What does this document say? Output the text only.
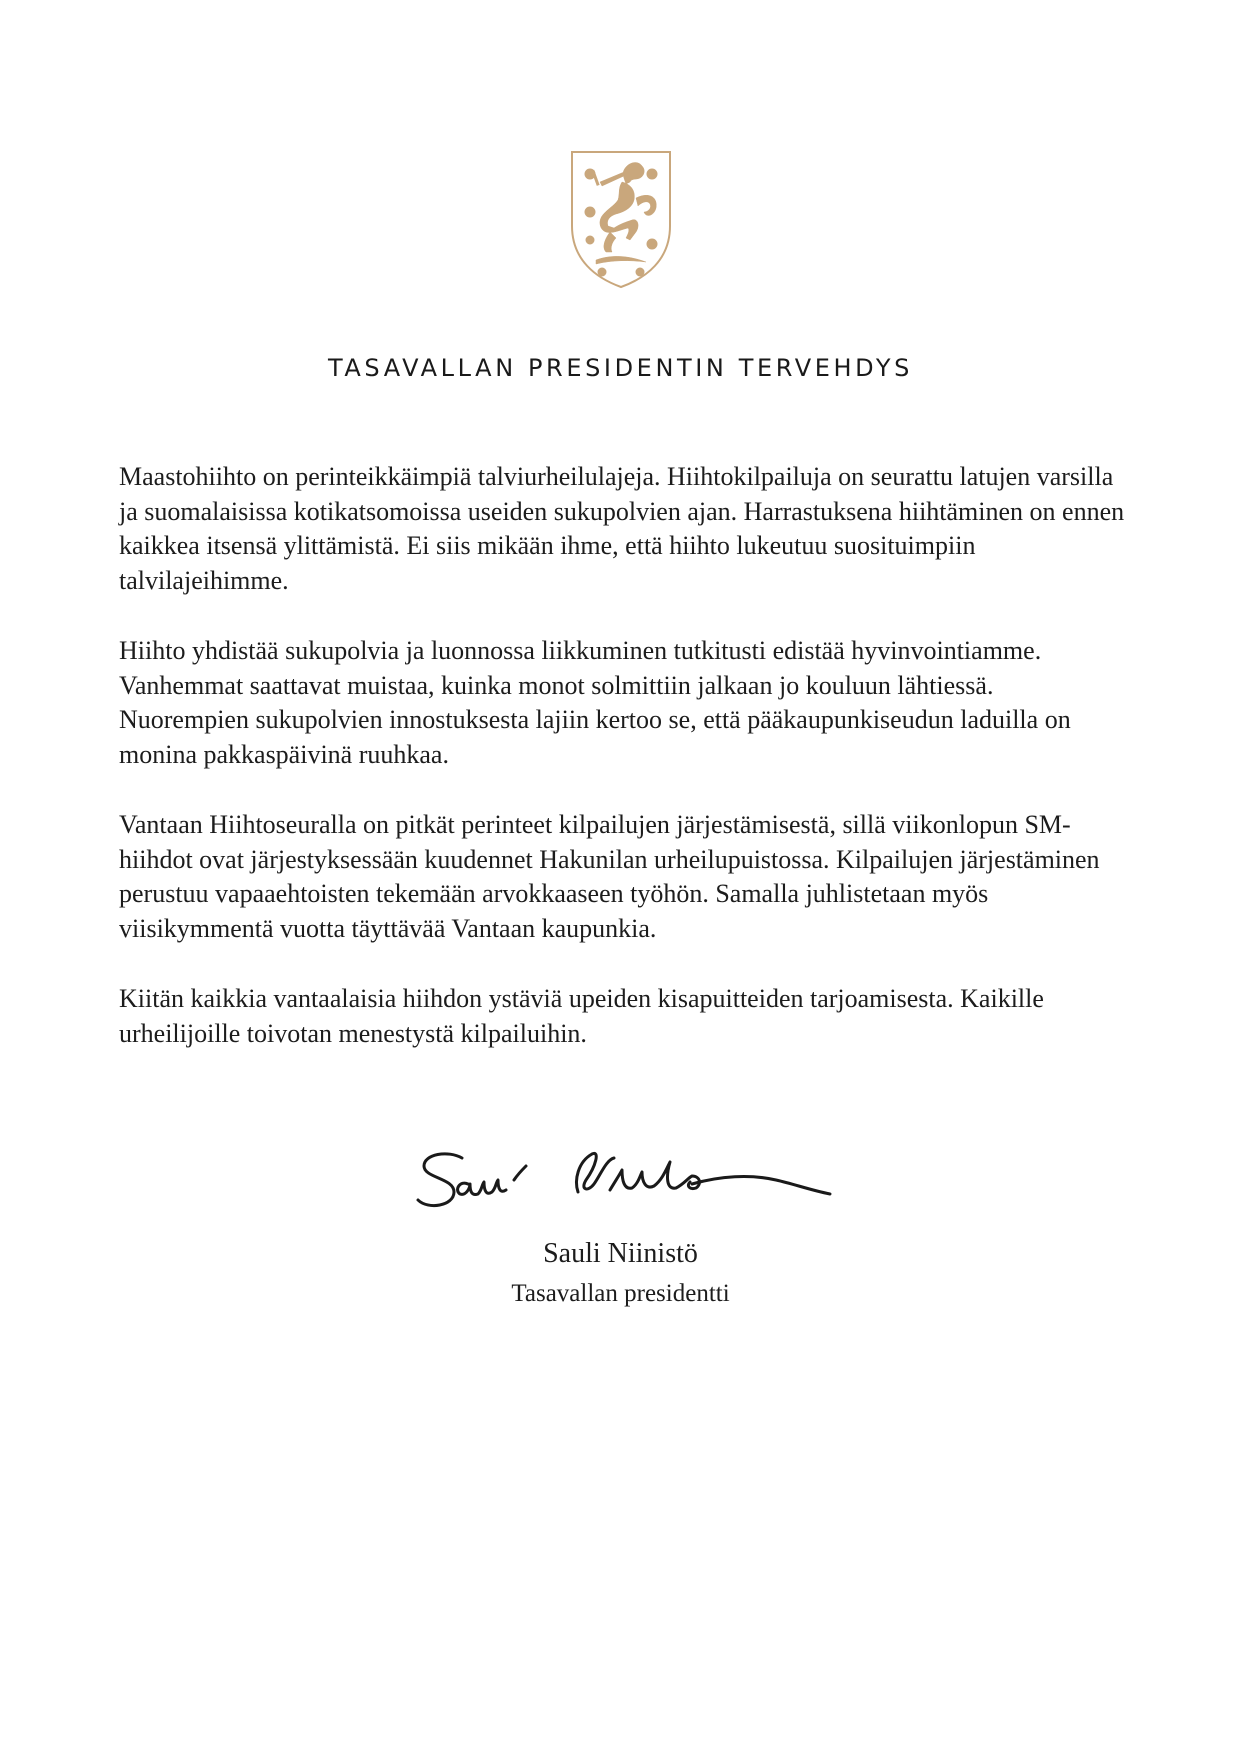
TASAVALLAN PRESIDENTIN TERVEHDYS

Maastohiihto on perinteikkäimpiä talviurheilulajeja. Hiihtokilpailuja on seurattu latujen varsilla ja suomalaisissa kotikatsomoissa useiden sukupolvien ajan. Harrastuksena hiihtäminen on ennen kaikkea itsensä ylittämistä. Ei siis mikään ihme, että hiihto lukeutuu suosituimpiin talvilajeihimme.

Hiihto yhdistää sukupolvia ja luonnossa liikkuminen tutkitusti edistää hyvinvointiamme. Vanhemmat saattavat muistaa, kuinka monot solmittiin jalkaan jo kouluun lähtiessä. Nuorempien sukupolvien innostuksesta lajiin kertoo se, että pääkaupunkiseudun laduilla on monina pakkaspäivinä ruuhkaa.

Vantaan Hiihtoseuralla on pitkät perinteet kilpailujen järjestämisestä, sillä viikonlopun SM-hiihdot ovat järjestyksessään kuudennet Hakunilan urheilupuistossa. Kilpailujen järjestäminen perustuu vapaaehtoisten tekemään arvokkaaseen työhön. Samalla juhlistetaan myös viisikymmentä vuotta täyttävää Vantaan kaupunkia.

Kiitän kaikkia vantaalaisia hiihdon ystäviä upeiden kisapuitteiden tarjoamisesta. Kaikille urheilijoille toivotan menestystä kilpailuihin.

Sauli Niinistö
Tasavallan presidentti
